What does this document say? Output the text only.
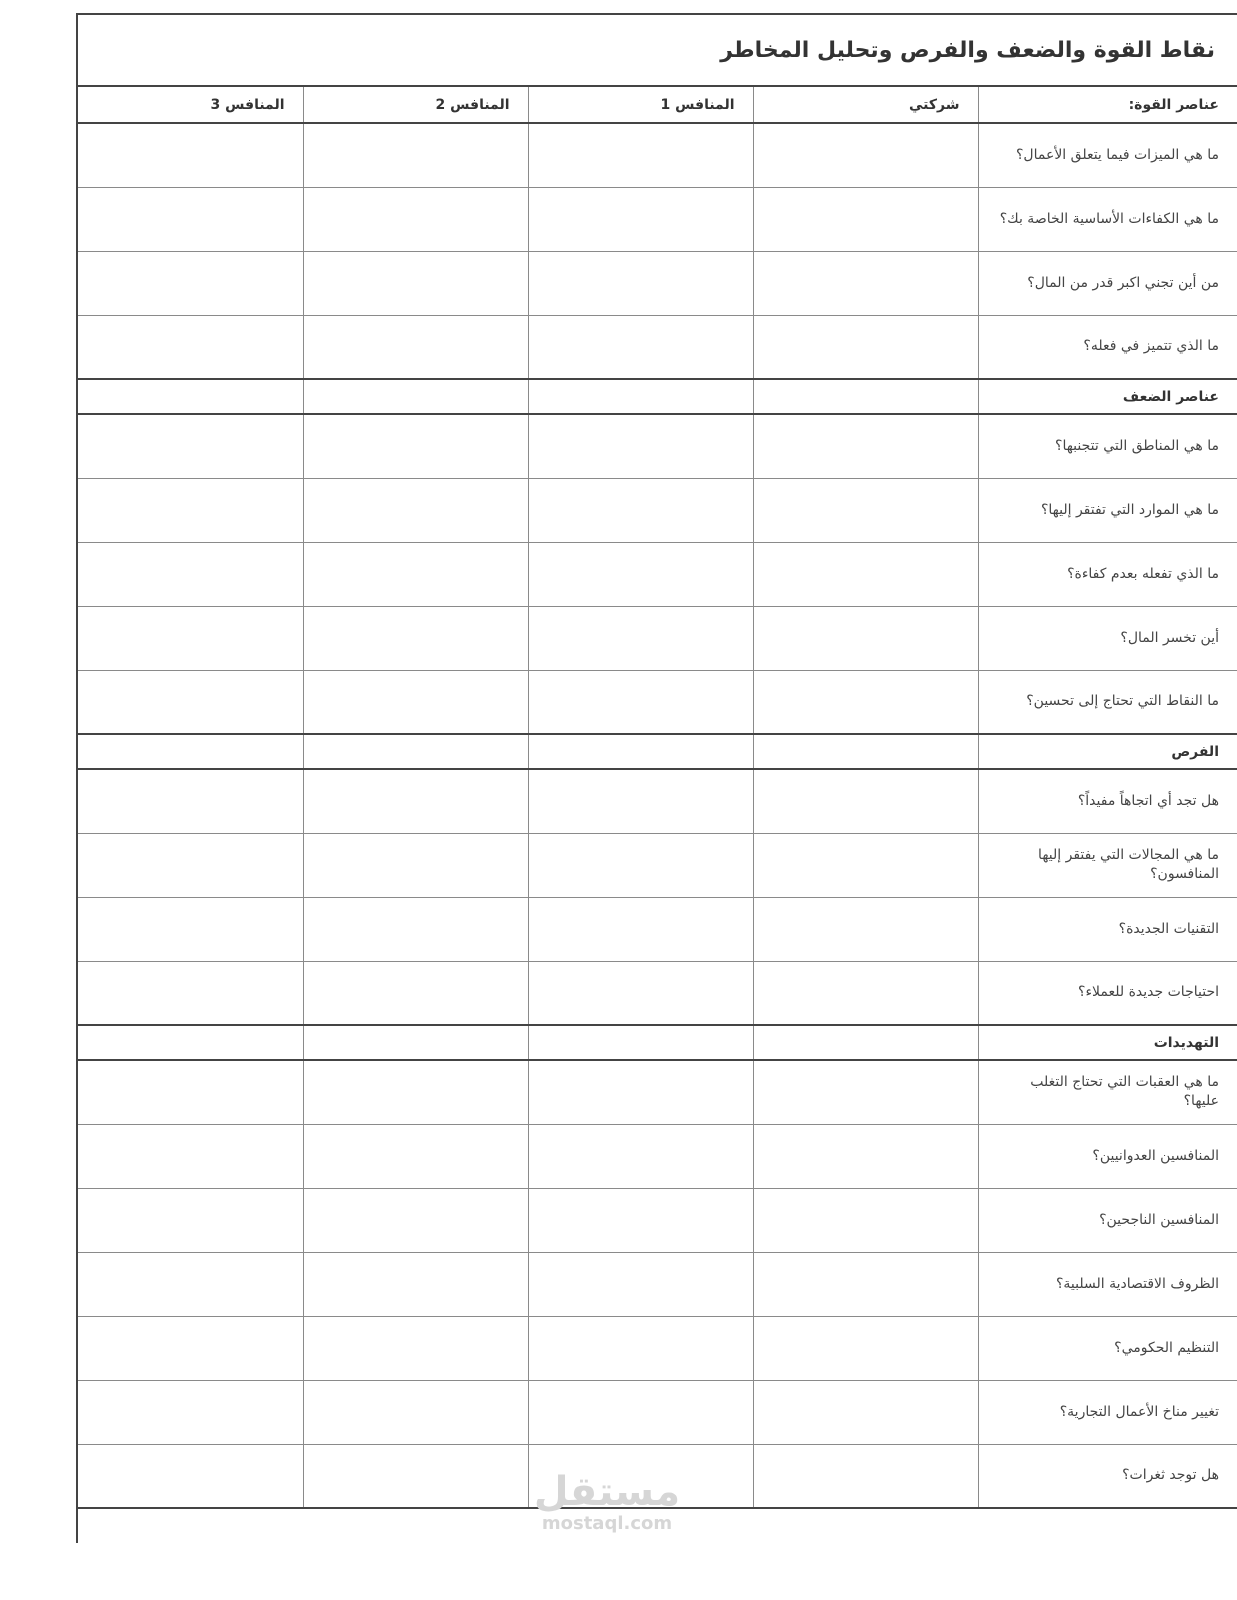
نقاط القوة والضعف والفرص وتحليل المخاطر
عناصر القوة:	شركتي	المنافس 1	المنافس 2	المنافس 3
ما هي الميزات فيما يتعلق الأعمال؟				
ما هي الكفاءات الأساسية الخاصة بك؟				
من أين تجني اكبر قدر من المال؟				
ما الذي تتميز في فعله؟				
عناصر الضعف				
ما هي المناطق التي تتجنبها؟				
ما هي الموارد التي تفتقر إليها؟				
ما الذي تفعله بعدم كفاءة؟				
أين تخسر المال؟				
ما النقاط التي تحتاج إلى تحسين؟				
الفرص				
هل تجد أي اتجاهاً مفيداً؟				
ما هي المجالات التي يفتقر إليها المنافسون؟				
التقنيات الجديدة؟				
احتياجات جديدة للعملاء؟				
التهديدات				
ما هي العقبات التي تحتاج التغلب عليها؟				
المنافسين العدوانيين؟				
المنافسين الناجحين؟				
الظروف الاقتصادية السلبية؟				
التنظيم الحكومي؟				
تغيير مناخ الأعمال التجارية؟				
هل توجد ثغرات؟				
مستقل
mostaql.com
